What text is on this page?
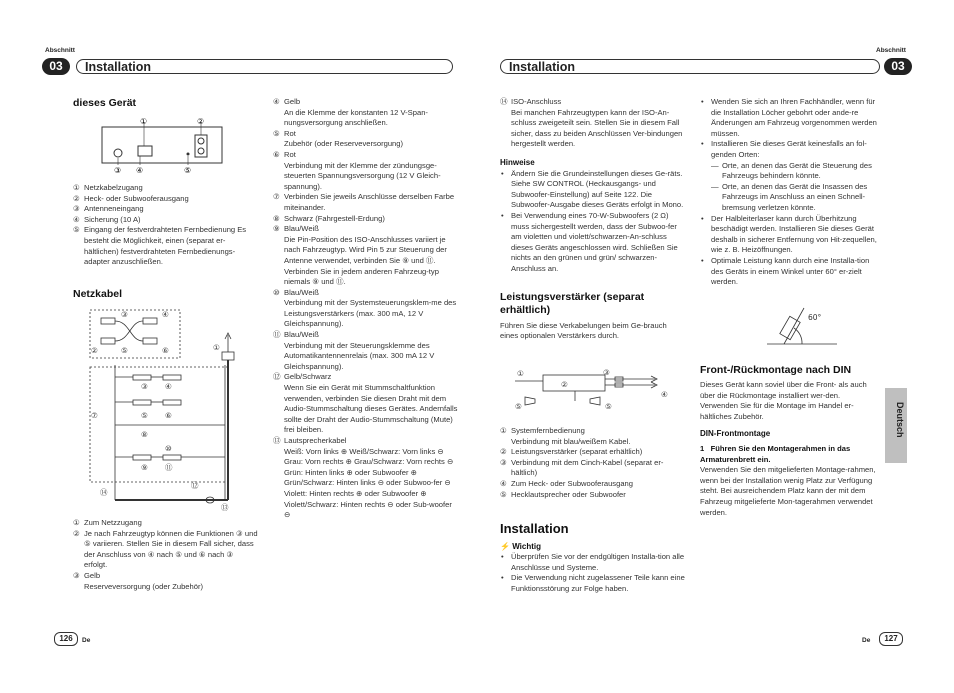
Abschnitt	Abschnitt
03	Installation	Installation	03
dieses Gerät
①	②
③ ④	⑤
① Netzkabelzugang
② Heck- oder Subwooferausgang
③ Antenneneingang
④ Sicherung (10 A)
⑤ Eingang der festverdrahteten Fernbedienung Es besteht die Möglichkeit, einen (separat er-hältlichen) festverdrahteten Fernbedienungs-adapter anzuschließen.
Netzkabel
③	④
②	⑤	⑥	①
③ ④
⑦	⑤ ⑥
⑧
⑩
⑨ ⑪
⑫
⑭
⑬
① Zum Netzzugang
② Je nach Fahrzeugtyp können die Funktionen ③ und ⑤ variieren. Stellen Sie in diesem Fall sicher, dass der Anschluss von ④ nach ⑤ und ⑥ nach ③ erfolgt.
③ Gelb

Reserveversorgung (oder Zubehör)

④ Gelb

An die Klemme der konstanten 12 V-Span-nungsversorgung anschließen.

⑤ Rot

Zubehör (oder Reserveversorgung)

⑥ Rot

Verbindung mit der Klemme der zündungsge-steuerten Spannungsversorgung (12 V Gleich-spannung).

⑦ Verbinden Sie jeweils Anschlüsse derselben Farbe miteinander.
⑧ Schwarz (Fahrgestell-Erdung)
⑨ Blau/Weiß

Die Pin-Position des ISO-Anschlusses variiert je nach Fahrzeugtyp. Wird Pin 5 zur Steuerung der Antenne verwendet, verbinden Sie ⑨ und ⑪. Verbinden Sie in jedem anderen Fahrzeug-typ niemals ⑨ und ⑪.

⑩ Blau/Weiß

Verbindung mit der Systemsteuerungsklem-me des Leistungsverstärkers (max. 300 mA, 12 V Gleichspannung).

⑪ Blau/Weiß

Verbindung mit der Steuerungsklemme des Automatikantennenrelais (max. 300 mA 12 V Gleichspannung).

⑫ Gelb/Schwarz

Wenn Sie ein Gerät mit Stummschaltfunktion verwenden, verbinden Sie diesen Draht mit dem Audio-Stummschaltung dieses Gerätes. Andernfalls sollte der Draht der Audio-Stummschaltung (Mute) frei bleiben.

⑬ Lautsprecherkabel

Weiß: Vorn links ⊕ Weiß/Schwarz: Vorn links ⊖ Grau: Vorn rechts ⊕ Grau/Schwarz: Vorn rechts ⊖ Grün: Hinten links ⊕ oder Subwoofer ⊕ Grün/Schwarz: Hinten links ⊖ oder Subwoo-fer ⊖ Violett: Hinten rechts ⊕ oder Subwoofer ⊕ Violett/Schwarz: Hinten rechts ⊖ oder Sub-woofer ⊖

⑭ ISO-Anschluss

Bei manchen Fahrzeugtypen kann der ISO-An-schluss zweigeteilt sein. Stellen Sie in diesem Fall sicher, dass zu beiden Anschlüssen Ver-bindungen hergestellt werden.

Hinweise
• Ändern Sie die Grundeinstellungen dieses Ge-räts. Siehe SW CONTROL (Heckausgangs- und Subwoofer-Einstellung) auf Seite 122. Die Subwoofer-Ausgabe dieses Geräts erfolgt in Mono.
• Bei Verwendung eines 70-W-Subwoofers (2 Ω) muss sichergestellt werden, dass der Subwoo-fer am violetten und violett/schwarzen-An-schluss dieses Geräts angeschlossen wird. Schließen Sie nichts an den grünen und grün/ schwarzen-Anschluss an.
Leistungsverstärker (separat erhältlich)

Führen Sie diese Verkabelungen beim Ge-brauch eines optionalen Verstärkers durch.

①
②
③
④
⑤	⑤
① Systemfernbedienung

Verbindung mit blau/weißem Kabel.

② Leistungsverstärker (separat erhältlich)
③ Verbindung mit dem Cinch-Kabel (separat er-hältlich)
④ Zum Heck- oder Subwooferausgang
⑤ Hecklautsprecher oder Subwoofer
Installation
⚡ Wichtig
• Überprüfen Sie vor der endgültigen Installa-tion alle Anschlüsse und Systeme.
• Die Verwendung nicht zugelassener Teile kann eine Funktionsstörung zur Folge haben.
• Wenden Sie sich an Ihren Fachhändler, wenn für die Installation Löcher gebohrt oder ande-re Änderungen am Fahrzeug vorgenommen werden müssen.
• Installieren Sie dieses Gerät keinesfalls an fol-genden Orten:
— Orte, an denen das Gerät die Steuerung des Fahrzeugs behindern könnte.
— Orte, an denen das Gerät die Insassen des Fahrzeugs im Anschluss an einen Schnell-bremsung verletzen könnte.
• Der Halbleiterlaser kann durch Überhitzung beschädigt werden. Installieren Sie dieses Gerät deshalb in sicherer Entfernung von Hit-zequellen, wie z. B. Heizöffnungen.
• Optimale Leistung kann durch eine Installa-tion des Geräts in einem Winkel unter 60° er-zielt werden.
60°
Front-/Rückmontage nach DIN

Dieses Gerät kann soviel über die Front- als auch über die Rückmontage installiert wer-den.

Verwenden Sie für die Montage im Handel er-hältliches Zubehör.

DIN-Frontmontage

1 Führen Sie den Montagerahmen in das Armaturenbrett ein.

Verwenden Sie den mitgelieferten Montage-rahmen, wenn bei der Installation wenig Platz zur Verfügung steht. Bei ausreichendem Platz kann der mit dem Fahrzeug mitgelieferte Mon-tagerahmen verwendet werden.

Deutsch
126	De	De	127
